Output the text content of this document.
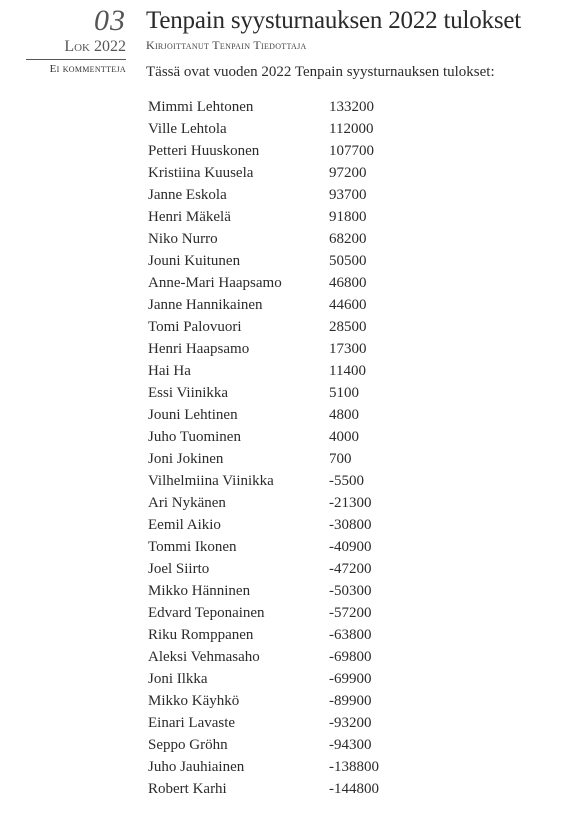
03
Lok 2022
Ei kommentteja
Tenpain syysturnauksen 2022 tulokset
Kirjoittanut Tenpain Tiedottaja
Tässä ovat vuoden 2022 Tenpain syysturnauksen tulokset:
Mimmi Lehtonen	133200
Ville Lehtola	112000
Petteri Huuskonen	107700
Kristiina Kuusela	97200
Janne Eskola	93700
Henri Mäkelä	91800
Niko Nurro	68200
Jouni Kuitunen	50500
Anne-Mari Haapsamo	46800
Janne Hannikainen	44600
Tomi Palovuori	28500
Henri Haapsamo	17300
Hai Ha	11400
Essi Viinikka	5100
Jouni Lehtinen	4800
Juho Tuominen	4000
Joni Jokinen	700
Vilhelmiina Viinikka	-5500
Ari Nykänen	-21300
Eemil Aikio	-30800
Tommi Ikonen	-40900
Joel Siirto	-47200
Mikko Hänninen	-50300
Edvard Teponainen	-57200
Riku Romppanen	-63800
Aleksi Vehmasaho	-69800
Joni Ilkka	-69900
Mikko Käyhkö	-89900
Einari Lavaste	-93200
Seppo Gröhn	-94300
Juho Jauhiainen	-138800
Robert Karhi	-144800
